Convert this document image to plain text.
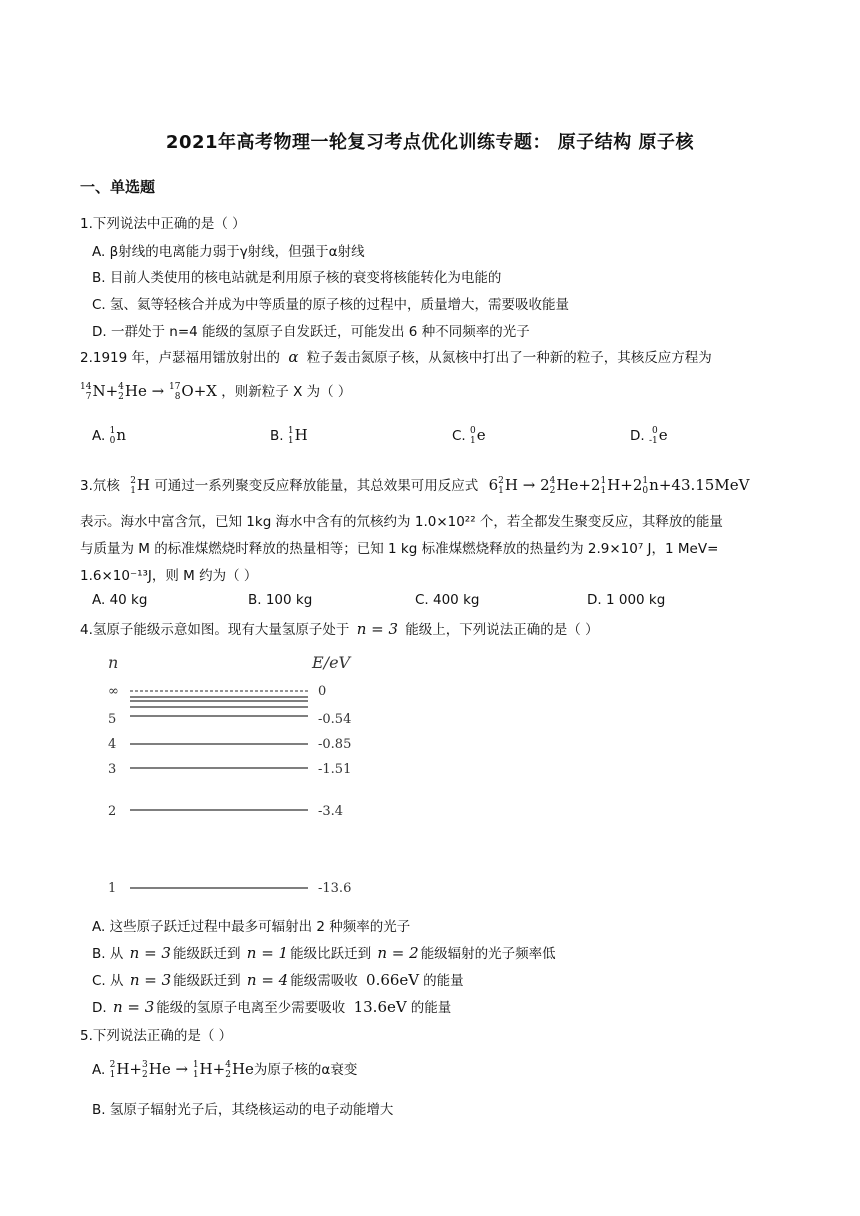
2021年高考物理一轮复习考点优化训练专题： 原子结构 原子核
一、单选题
1.下列说法中正确的是（ ）
A. β射线的电离能力弱于γ射线，但强于α射线
B. 目前人类使用的核电站就是利用原子核的衰变将核能转化为电能的
C. 氢、氦等轻核合并成为中等质量的原子核的过程中，质量增大，需要吸收能量
D. 一群处于 n=4 能级的氢原子自发跃迁，可能发出 6 种不同频率的光子
2.1919 年，卢瑟福用镭放射出的 α 粒子轰击氮原子核，从氮核中打出了一种新的粒子，其核反应方程为
14
7 N+ 4
2 He → 17
8 O+X ，则新粒子 X 为（ ）
A. 1
0 n	B. 1
1 H	C. 0
1 e	D. 0
-1 e
3.氘核 2
1 H 可通过一系列聚变反应释放能量，其总效果可用反应式 6 2
1 H → 2 4
2 He+2 1
1 H+2 1
0 n+43.15MeV
表示。海水中富含氘，已知 1kg 海水中含有的氘核约为 1.0×10²² 个，若全都发生聚变反应，其释放的能量
与质量为 M 的标准煤燃烧时释放的热量相等；已知 1 kg 标准煤燃烧释放的热量约为 2.9×10⁷ J，1 MeV=
1.6×10⁻¹³J，则 M 约为（ ）
A. 40 kg	B. 100 kg	C. 400 kg	D. 1 000 kg
4.氢原子能级示意如图。现有大量氢原子处于 n = 3 能级上，下列说法正确的是（ ）
n	E/eV
∞	0
5	-0.54
4	-0.85
3	-1.51
2	-3.4
1	-13.6
A. 这些原子跃迁过程中最多可辐射出 2 种频率的光子
B. 从 n = 3 能级跃迁到 n = 1 能级比跃迁到 n = 2 能级辐射的光子频率低
C. 从 n = 3 能级跃迁到 n = 4 能级需吸收 0.66eV 的能量
D. n = 3 能级的氢原子电离至少需要吸收 13.6eV 的能量
5.下列说法正确的是（ ）
A. 2
1 H+ 3
2 He → 1
1 H+ 4
2 He为原子核的α衰变
B. 氢原子辐射光子后，其绕核运动的电子动能增大
